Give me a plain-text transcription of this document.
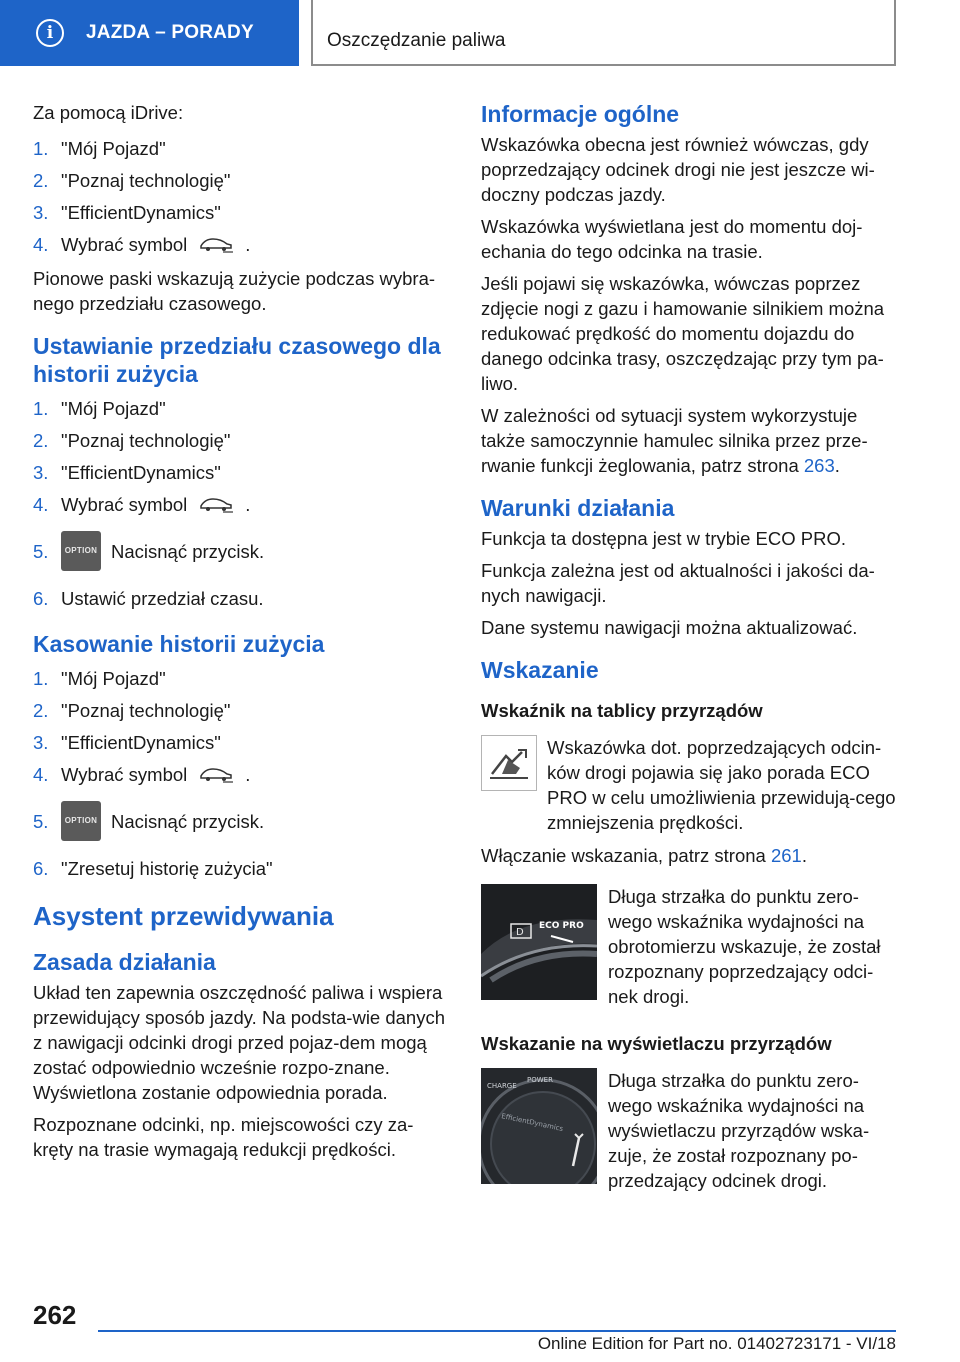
i JAZDA – PORADY	Oszczędzanie paliwa

Za pomocą iDrive:

1. "Mój Pojazd"
2. "Poznaj technologię"
3. "EfficientDynamics"
4. Wybrać symbol	.

Pionowe paski wskazują zużycie podczas wybra‐nego przedziału czasowego.

Ustawianie przedziału czasowego dla historii zużycia
1. "Mój Pojazd"
2. "Poznaj technologię"
3. "EfficientDynamics"
4. Wybrać symbol	.
5.	OPTION Nacisnąć przycisk.
6. Ustawić przedział czasu.
Kasowanie historii zużycia
1. "Mój Pojazd"
2. "Poznaj technologię"
3. "EfficientDynamics"
4. Wybrać symbol	.
5.	OPTION Nacisnąć przycisk.
6. "Zresetuj historię zużycia"
Asystent przewidywania
Zasada działania

Układ ten zapewnia oszczędność paliwa i wspiera przewidujący sposób jazdy. Na podsta‐wie danych z nawigacji odcinki drogi przed pojaz‐dem mogą zostać odpowiednio wcześnie rozpo‐znane. Wyświetlona zostanie odpowiednia porada.

Rozpoznane odcinki, np. miejscowości czy za‐kręty na trasie wymagają redukcji prędkości.

Informacje ogólne

Wskazówka obecna jest również wówczas, gdy poprzedzający odcinek drogi nie jest jeszcze wi‐doczny podczas jazdy.

Wskazówka wyświetlana jest do momentu doj‐echania do tego odcinka na trasie.

Jeśli pojawi się wskazówka, wówczas poprzez zdjęcie nogi z gazu i hamowanie silnikiem można redukować prędkość do momentu dojazdu do danego odcinka trasy, oszczędzając przy tym pa‐liwo.

W zależności od sytuacji system wykorzystuje także samoczynnie hamulec silnika przez prze‐rwanie funkcji żeglowania, patrz strona 263.

Warunki działania

Funkcja ta dostępna jest w trybie ECO PRO.

Funkcja zależna jest od aktualności i jakości da‐nych nawigacji.

Dane systemu nawigacji można aktualizować.

Wskazanie
Wskaźnik na tablicy przyrządów
Wskazówka dot. poprzedzających odcin‐ków drogi pojawia się jako porada ECO PRO w celu umożliwienia przewidują‐cego zmniejszenia prędkości.

Włączanie wskazania, patrz strona 261.

D
ECO PRO
Długa strzałka do punktu zero‐wego wskaźnika wydajności na obrotomierzu wskazuje, że został rozpoznany poprzedzający odci‐nek drogi.
Wskazanie na wyświetlaczu przyrządów
CHARGE
POWER
EfficientDynamics
Długa strzałka do punktu zero‐wego wskaźnika wydajności na wyświetlaczu przyrządów wska‐zuje, że został rozpoznany po‐przedzający odcinek drogi.
262
Online Edition for Part no. 01402723171 - VI/18
